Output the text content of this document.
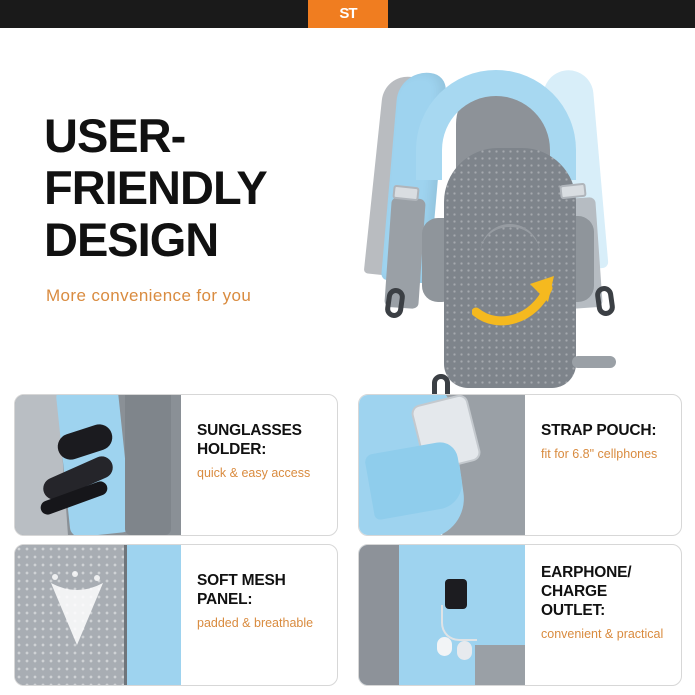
ST
USER-FRIENDLY DESIGN
More convenience for you
SUNGLASSES HOLDER:
quick & easy access
STRAP POUCH:
fit for 6.8" cellphones
SOFT MESH PANEL:
padded & breathable
EARPHONE/ CHARGE OUTLET:
convenient & practical
